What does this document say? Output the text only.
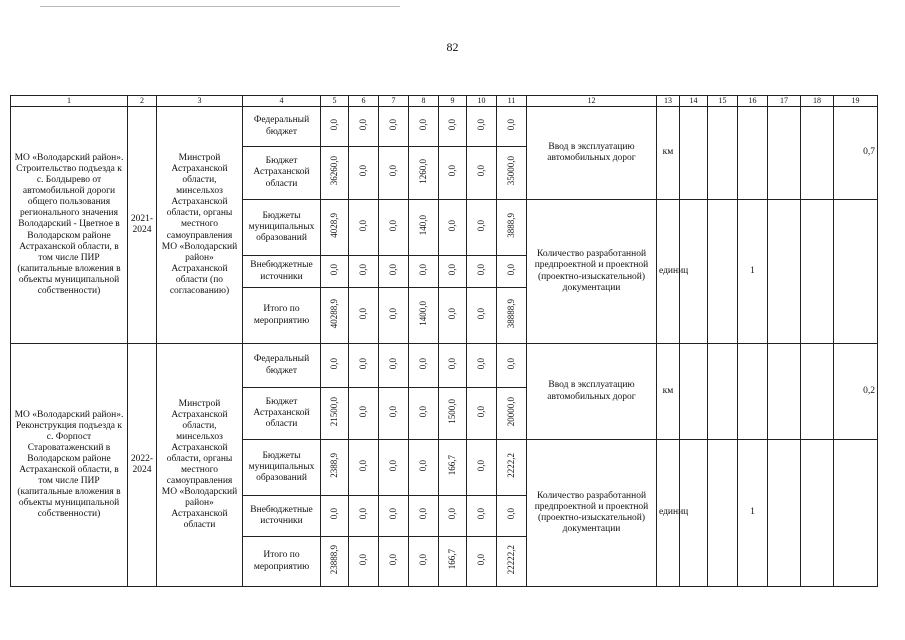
82
1	2	3	4	5	6	7	8	9	10	11	12	13	14	15	16	17	18	19
МО «Володарский район». Строительство подъезда к с. Болдырево от автомобильной дороги общего пользования регионального значения Володарский - Цветное в Володарском районе Астраханской области, в том числе ПИР (капитальные вложения в объекты муниципальной собственности)	2021-2024	Минстрой Астраханской области, минсельхоз Астраханской области, органы местного самоуправления МО «Володарский район» Астраханской области (по согласованию)	Федеральный бюджет	0,0	0,0	0,0	0,0	0,0	0,0	0,0	Ввод в эксплуатацию автомобильных дорог	км						0,7
			Бюджет Астраханской области	36260,0	0,0	0,0	1260,0	0,0	0,0	35000,0								
			Бюджеты муниципальных образований	4028,9	0,0	0,0	140,0	0,0	0,0	3888,9	Количество разработанной предпроектной и проектной (проектно-изыскательной) документации	единиц			1			
			Внебюджетные источники	0,0	0,0	0,0	0,0	0,0	0,0	0,0								
			Итого по мероприятию	40288,9	0,0	0,0	1400,0	0,0	0,0	38888,9								
МО «Володарский район». Реконструкция подъезда к с. Форпост Староватаженский в Володарском районе Астраханской области, в том числе ПИР (капитальные вложения в объекты муниципальной собственности)	2022-2024	Минстрой Астраханской области, минсельхоз Астраханской области, органы местного самоуправления МО «Володарский район» Астраханской области	Федеральный бюджет	0,0	0,0	0,0	0,0	0,0	0,0	0,0	Ввод в эксплуатацию автомобильных дорог	км						0,2
			Бюджет Астраханской области	21500,0	0,0	0,0	0,0	1500,0	0,0	20000,0								
			Бюджеты муниципальных образований	2388,9	0,0	0,0	0,0	166,7	0,0	2222,2	Количество разработанной предпроектной и проектной (проектно-изыскательной) документации	единиц			1			
			Внебюджетные источники	0,0	0,0	0,0	0,0	0,0	0,0	0,0								
			Итого по мероприятию	23888,9	0,0	0,0	0,0	166,7	0,0	22222,2								
